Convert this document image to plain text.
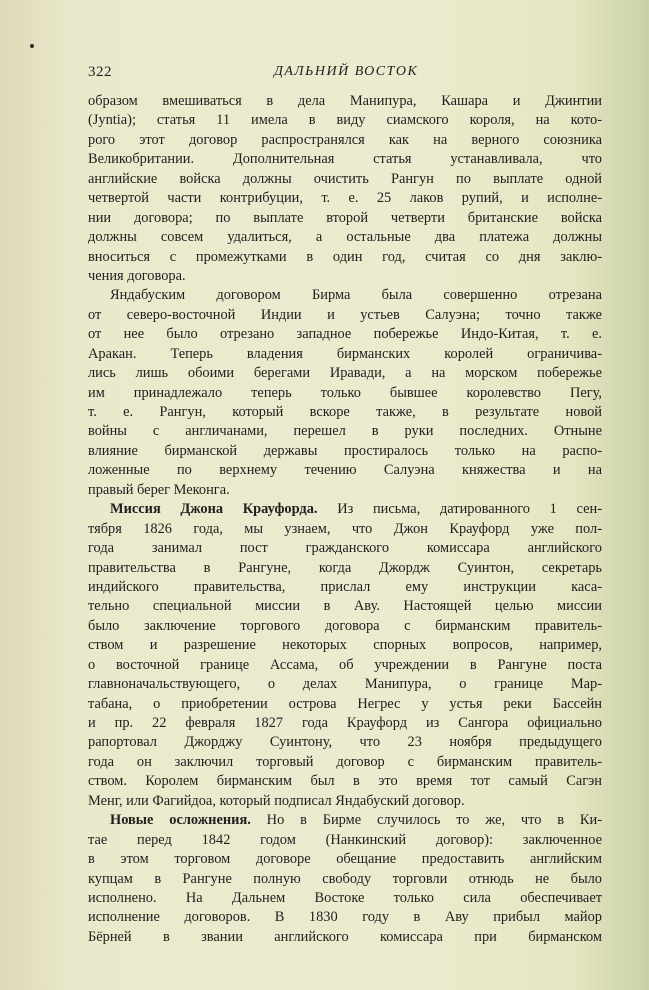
322	ДАЛЬНИЙ ВОСТОК
образом вмешиваться в дела Манипура, Кашара и Джинтии
(Jyntia); статья 11 имела в виду сиамского короля, на кото-
рого этот договор распространялся как на верного союзника
Великобритании. Дополнительная статья устанавливала, что
английские войска должны очистить Рангун по выплате одной
четвертой части контрибуции, т. е. 25 лаков рупий, и исполне-
нии договора; по выплате второй четверти британские войска
должны совсем удалиться, а остальные два платежа должны
вноситься с промежутками в один год, считая со дня заклю-
чения договора.
Яндабуским договором Бирма была совершенно отрезана
от северо-восточной Индии и устьев Салуэна; точно также
от нее было отрезано западное побережье Индо-Китая, т. е.
Аракан. Теперь владения бирманских королей ограничива-
лись лишь обоими берегами Иравади, а на морском побережье
им принадлежало теперь только бывшее королевство Пегу,
т. е. Рангун, который вскоре также, в результате новой
войны с англичанами, перешел в руки последних. Отныне
влияние бирманской державы простиралось только на распо-
ложенные по верхнему течению Салуэна княжества и на
правый берег Меконга.
Миссия Джона Крауфорда. Из письма, датированного 1 сен-
тября 1826 года, мы узнаем, что Джон Крауфорд уже пол-
года занимал пост гражданского комиссара английского
правительства в Рангуне, когда Джордж Суинтон, секретарь
индийского правительства, прислал ему инструкции каса-
тельно специальной миссии в Аву. Настоящей целью миссии
было заключение торгового договора с бирманским правитель-
ством и разрешение некоторых спорных вопросов, например,
о восточной границе Ассама, об учреждении в Рангуне поста
главноначальствующего, о делах Манипура, о границе Мар-
табана, о приобретении острова Негрес у устья реки Бассейн
и пр. 22 февраля 1827 года Крауфорд из Сангора официально
рапортовал Джорджу Суинтону, что 23 ноября предыдущего
года он заключил торговый договор с бирманским правитель-
ством. Королем бирманским был в это время тот самый Сагэн
Менг, или Фагийдоа, который подписал Яндабуский договор.
Новые осложнения. Но в Бирме случилось то же, что в Ки-
тае перед 1842 годом (Нанкинский договор): заключенное
в этом торговом договоре обещание предоставить английским
купцам в Рангуне полную свободу торговли отнюдь не было
исполнено. На Дальнем Востоке только сила обеспечивает
исполнение договоров. В 1830 году в Аву прибыл майор
Бёрней в звании английского комиссара при бирманском
